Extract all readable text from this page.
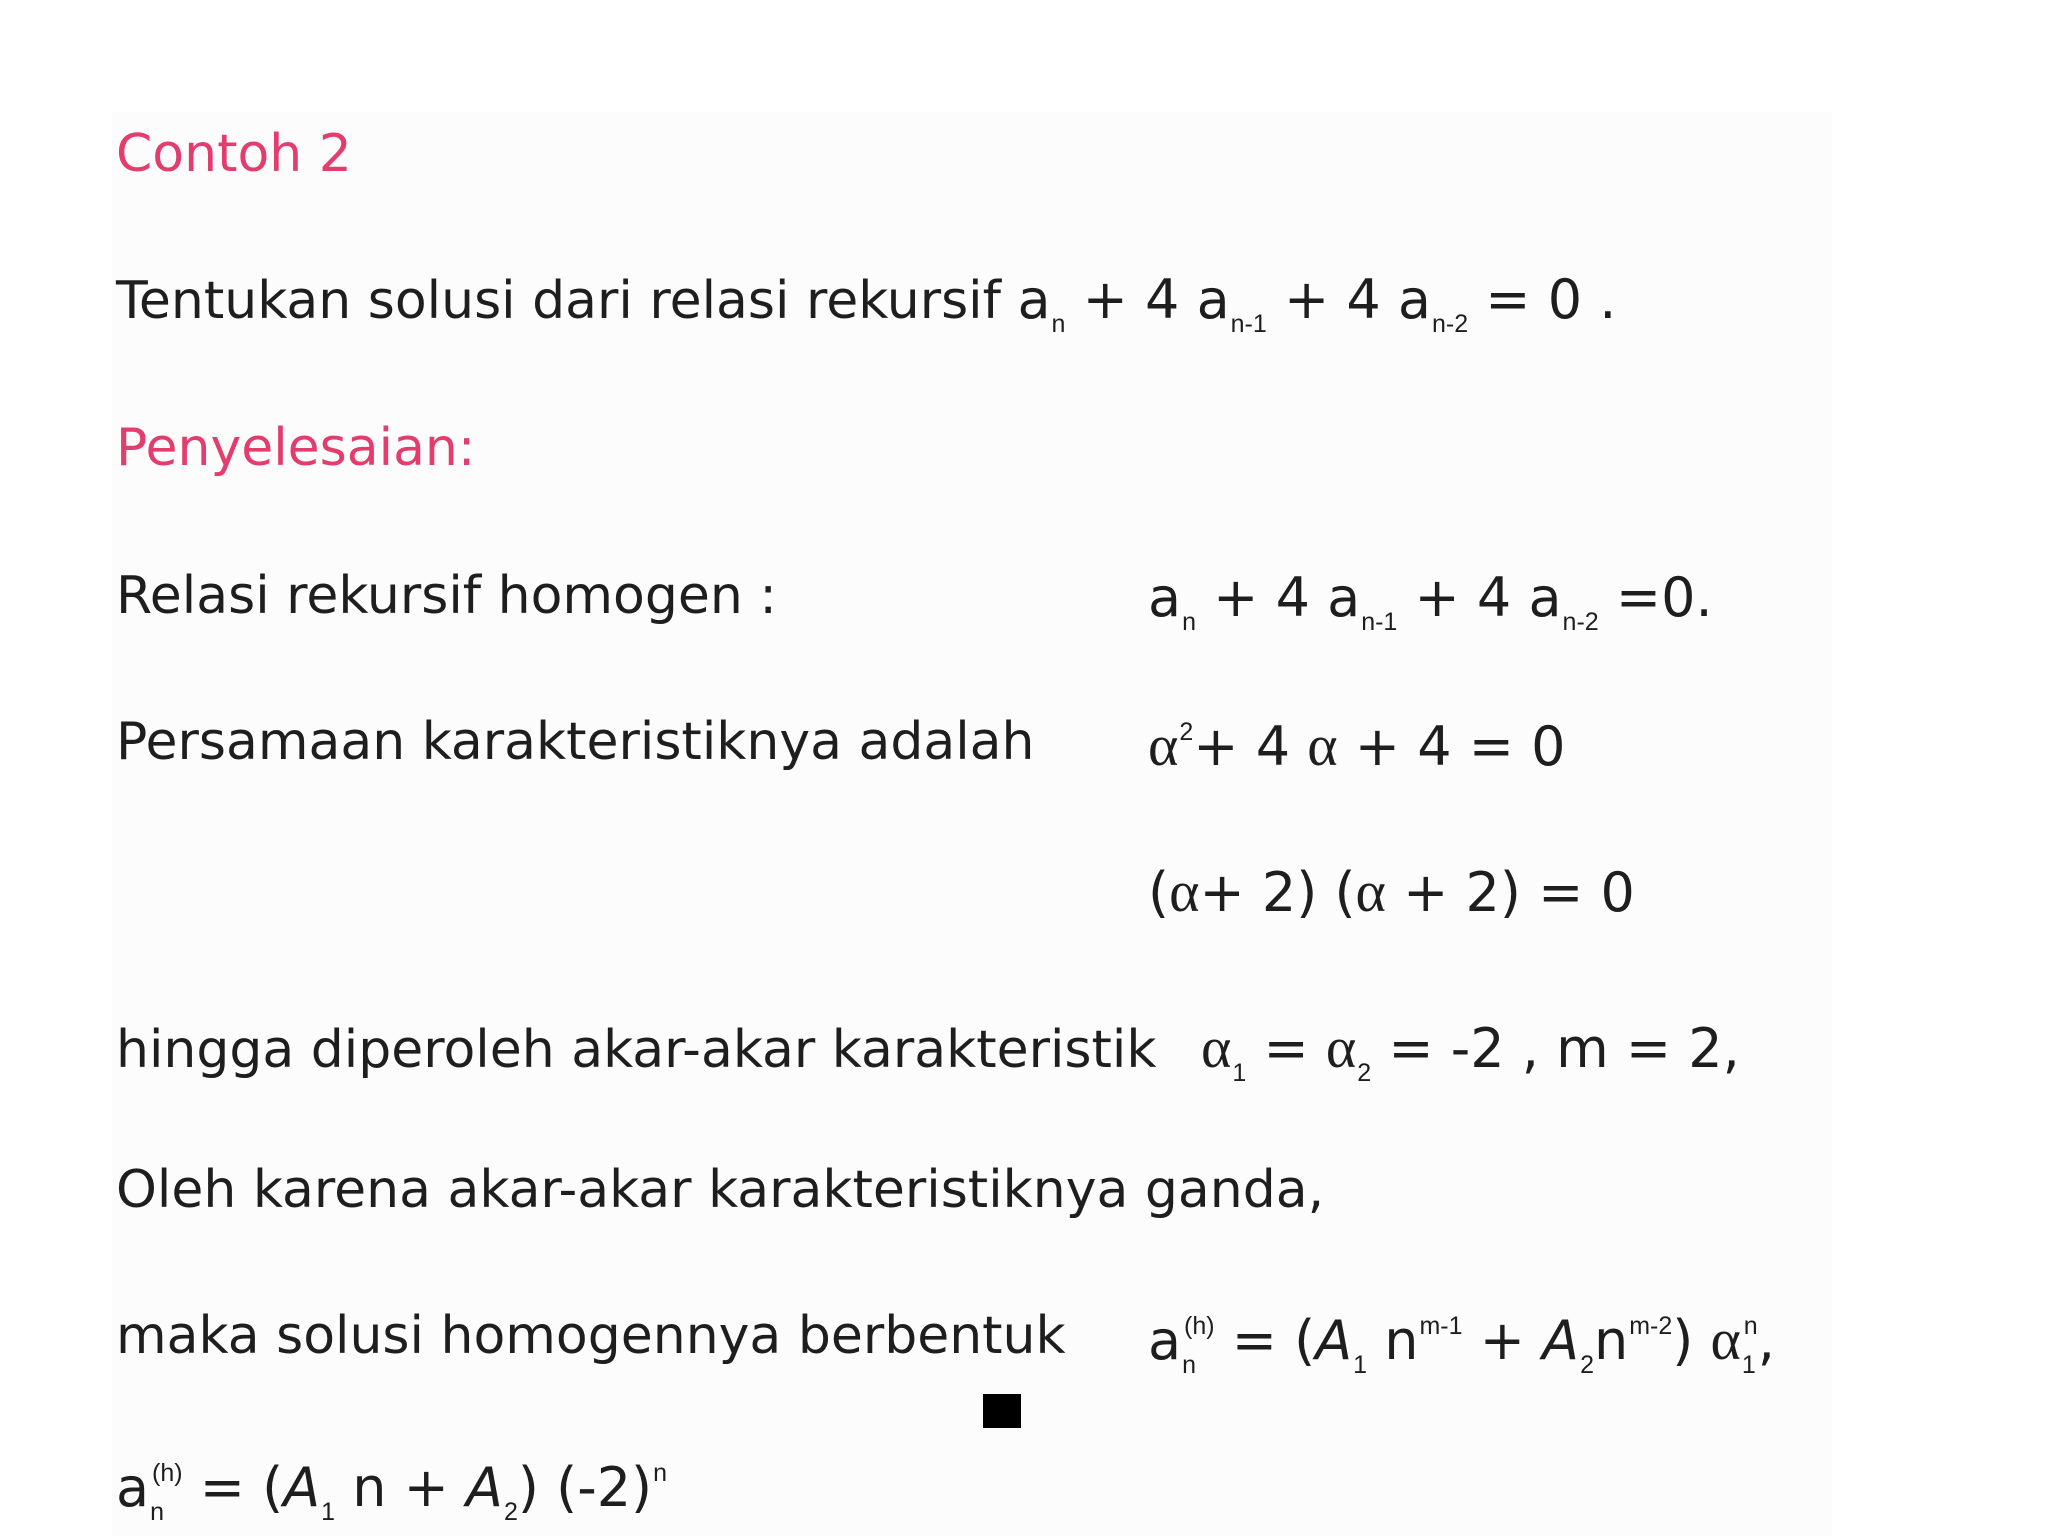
Contoh 2
Tentukan solusi dari relasi rekursif $a_n + 4$ $a_{n-1} + 4$ $a_{n-2} = 0$ .
Penyelesaian:
Relasi rekursif homogen :	$a_n + 4$ $a_{n-1} + 4$ $a_{n-2} =0$.
Persamaan karakteristiknya adalah $\alpha^2+ 4$ α + 4 = 0
(α+ 2) (α + 2) = 0
hingga diperoleh akar-akar karakteristik $\alpha_1 = \alpha_2 = -2$ , m = 2,
Oleh karena akar-akar karakteristiknya ganda,
maka solusi homogennya berbentuk $a_n^{(h)} = (A_1$ $n^{m-1} + A_2n^{m-2}$) $\alpha_1^n$,
$a_n^{(h)} = (A_1$ $n + A_2$) $(-2)^n$
